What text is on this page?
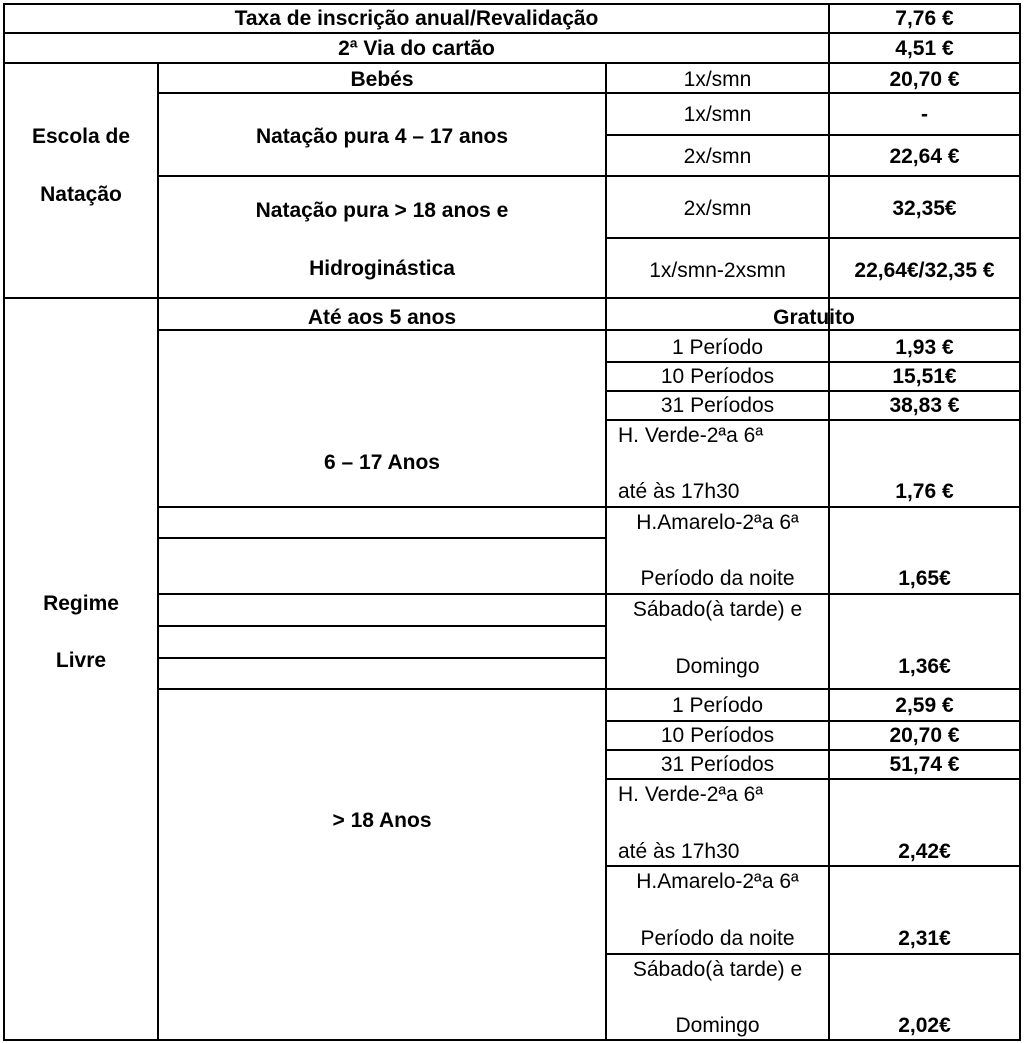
Taxa de inscrição anual/Revalidação	7,76 €
2ª Via do cartão	4,51 €
Escola de
Natação
Bebés	1x/smn	20,70 €
Natação pura 4 – 17 anos
1x/smn	-
2x/smn	22,64 €
Natação pura > 18 anos e
Hidroginástica
2x/smn	32,35€
1x/smn-2xsmn	22,64€/32,35 €
Regime
Livre
Até aos 5 anos	Gratuito
6 – 17 Anos
1 Período	1,93 €
10 Períodos	15,51€
31 Períodos	38,83 €
H. Verde-2ªa 6ª
até às 17h30	1,76 €
H.Amarelo-2ªa 6ª
Período da noite	1,65€
Sábado(à tarde) e
Domingo	1,36€
> 18 Anos
1 Período	2,59 €
10 Períodos	20,70 €
31 Períodos	51,74 €
H. Verde-2ªa 6ª
até às 17h30	2,42€
H.Amarelo-2ªa 6ª
Período da noite	2,31€
Sábado(à tarde) e
Domingo	2,02€
